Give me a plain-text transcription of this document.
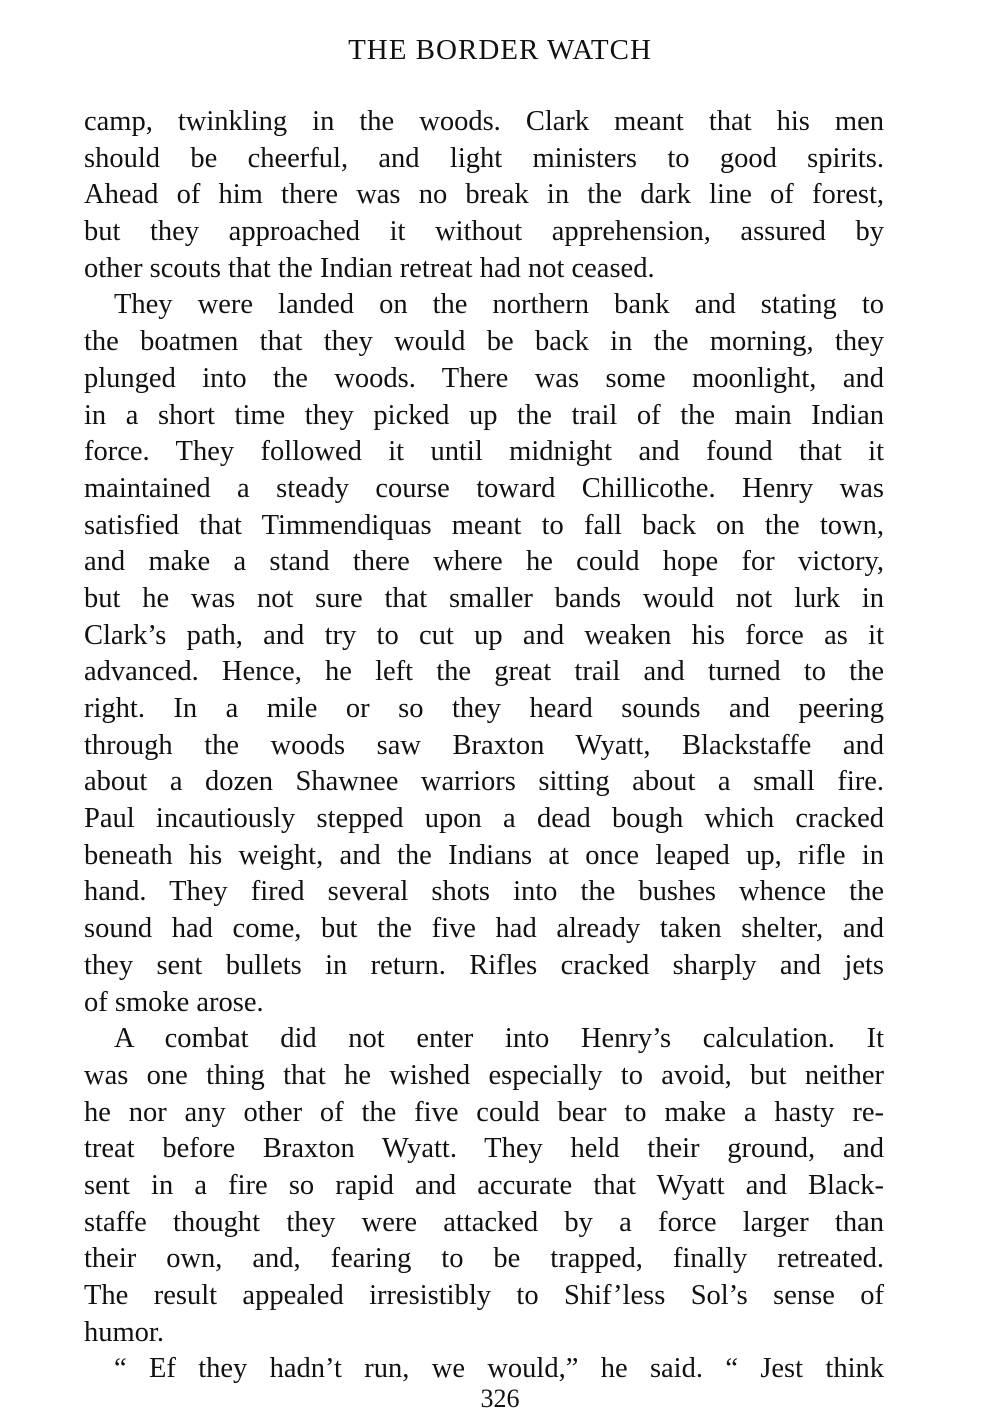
THE BORDER WATCH
camp, twinkling in the woods. Clark meant that his men
should be cheerful, and light ministers to good spirits.
Ahead of him there was no break in the dark line of forest,
but they approached it without apprehension, assured by
other scouts that the Indian retreat had not ceased.
They were landed on the northern bank and stating to
the boatmen that they would be back in the morning, they
plunged into the woods. There was some moonlight, and
in a short time they picked up the trail of the main Indian
force. They followed it until midnight and found that it
maintained a steady course toward Chillicothe. Henry was
satisfied that Timmendiquas meant to fall back on the town,
and make a stand there where he could hope for victory,
but he was not sure that smaller bands would not lurk in
Clark’s path, and try to cut up and weaken his force as it
advanced. Hence, he left the great trail and turned to the
right. In a mile or so they heard sounds and peering
through the woods saw Braxton Wyatt, Blackstaffe and
about a dozen Shawnee warriors sitting about a small fire.
Paul incautiously stepped upon a dead bough which cracked
beneath his weight, and the Indians at once leaped up, rifle in
hand. They fired several shots into the bushes whence the
sound had come, but the five had already taken shelter, and
they sent bullets in return. Rifles cracked sharply and jets
of smoke arose.
A combat did not enter into Henry’s calculation. It
was one thing that he wished especially to avoid, but neither
he nor any other of the five could bear to make a hasty re-
treat before Braxton Wyatt. They held their ground, and
sent in a fire so rapid and accurate that Wyatt and Black-
staffe thought they were attacked by a force larger than
their own, and, fearing to be trapped, finally retreated.
The result appealed irresistibly to Shif’less Sol’s sense of
humor.
“ Ef they hadn’t run, we would,” he said. “ Jest think
326
